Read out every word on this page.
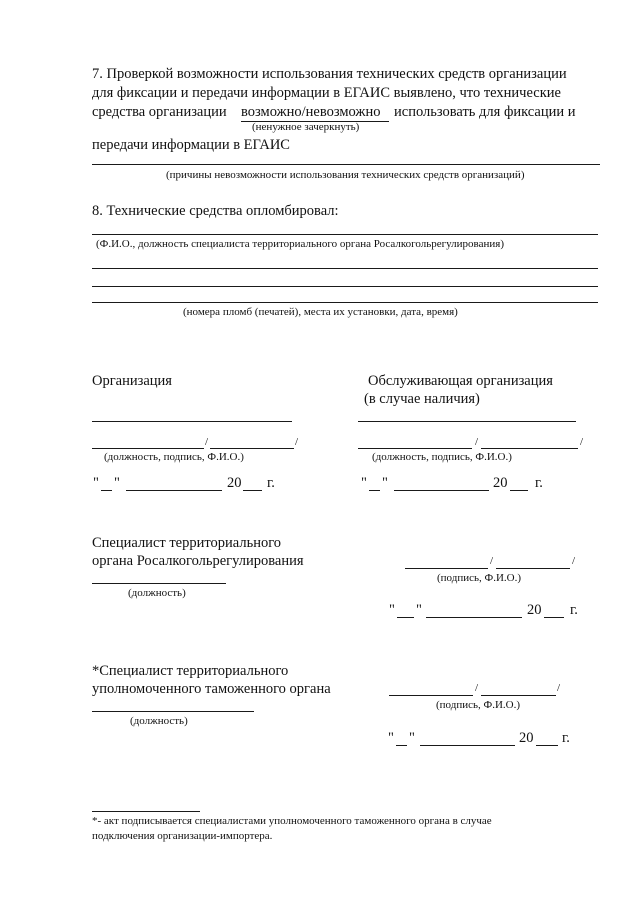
7. Проверкой возможности использования технических средств организации
для фиксации и передачи информации в ЕГАИС выявлено, что технические
средства организации возможно/невозможно использовать для фиксации и
(ненужное зачеркнуть)
передачи информации в ЕГАИС
(причины невозможности использования технических средств организаций)
8. Технические средства опломбировал:
(Ф.И.О., должность специалиста территориального органа Росалкогольрегулирования)
(номера пломб (печатей), места их установки, дата, время)
Организация	Обслуживающая организация
(в случае наличия)
/	/
(должность, подпись, Ф.И.О.)
/	/
(должность, подпись, Ф.И.О.)
" "	20 г.	" "	20 г.
Специалист территориального
органа Росалкогольрегулирования
(должность)
/	/
(подпись, Ф.И.О.)
" "	20 г.
*Специалист территориального
уполномоченного таможенного органа
(должность)
/	/
(подпись, Ф.И.О.)
" "	20 г.
*- акт подписывается специалистами уполномоченного таможенного органа в случае
подключения организации-импортера.
